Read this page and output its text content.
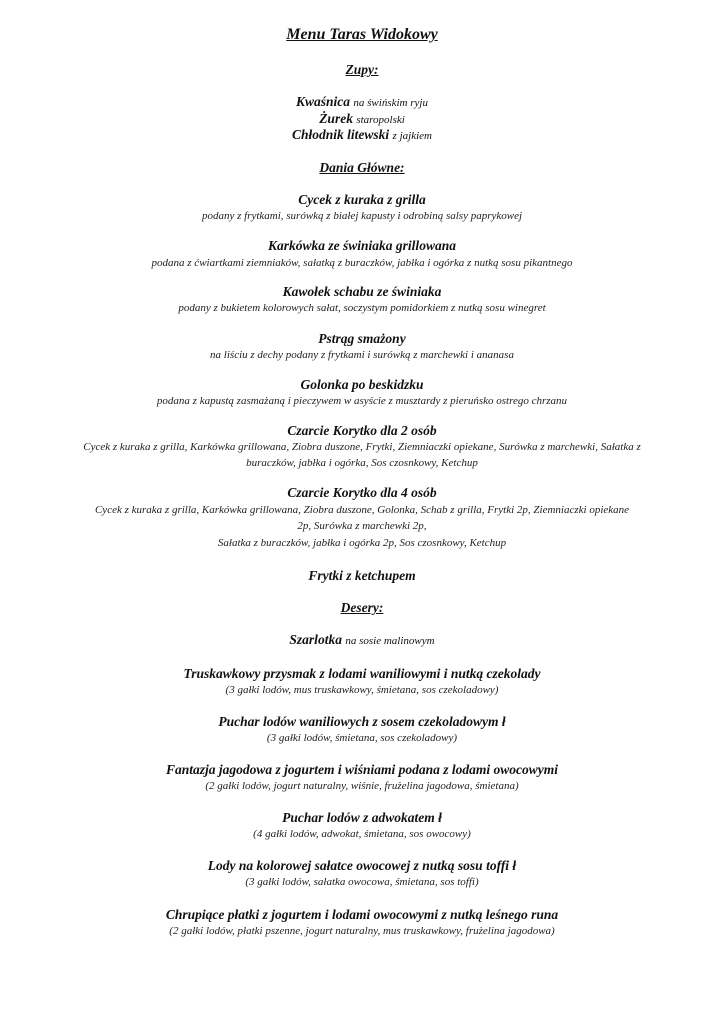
Menu Taras Widokowy
Zupy:
Kwaśnica na świńskim ryju
Żurek staropolski
Chłodnik litewski z jajkiem
Dania Główne:
Cycek z kuraka z grilla
podany z frytkami, surówką z białej kapusty i odrobiną salsy paprykowej
Karkówka ze świniaka grillowana
podana z ćwiartkami ziemniaków, sałatką z buraczków, jabłka i ogórka z nutką sosu pikantnego
Kawołek schabu ze świniaka
podany z bukietem kolorowych sałat, soczystym pomidorkiem z nutką sosu winegret
Pstrąg smażony
na liściu z dechy podany z frytkami i surówką z marchewki i ananasa
Golonka po beskidzku
podana z kapustą zasmażaną i pieczywem w asyście z musztardy z pieruńsko ostrego chrzanu
Czarcie Korytko dla 2 osób
Cycek z kuraka z grilla, Karkówka grillowana, Ziobra duszone, Frytki, Ziemniaczki opiekane, Surówka z marchewki, Sałatka z
buraczków, jabłka i ogórka, Sos czosnkowy, Ketchup
Czarcie Korytko dla 4 osób
Cycek z kuraka z grilla, Karkówka grillowana, Ziobra duszone, Golonka, Schab z grilla, Frytki 2p, Ziemniaczki opiekane
2p, Surówka z marchewki 2p,
Sałatka z buraczków, jabłka i ogórka 2p, Sos czosnkowy, Ketchup
Frytki z ketchupem
Desery:
Szarlotka na sosie malinowym
Truskawkowy przysmak z lodami waniliowymi i nutką czekolady
(3 gałki lodów, mus truskawkowy, śmietana, sos czekoladowy)
Puchar lodów waniliowych z sosem czekoladowym ł
(3 gałki lodów, śmietana, sos czekoladowy)
Fantazja jagodowa z jogurtem i wiśniami podana z lodami owocowymi
(2 gałki lodów, jogurt naturalny, wiśnie, frużelina jagodowa, śmietana)
Puchar lodów z adwokatem ł
(4 gałki lodów, adwokat, śmietana, sos owocowy)
Lody na kolorowej sałatce owocowej z nutką sosu toffi ł
(3 gałki lodów, sałatka owocowa, śmietana, sos toffi)
Chrupiące płatki z jogurtem i lodami owocowymi z nutką leśnego runa
(2 gałki lodów, płatki pszenne, jogurt naturalny, mus truskawkowy, frużelina jagodowa)
